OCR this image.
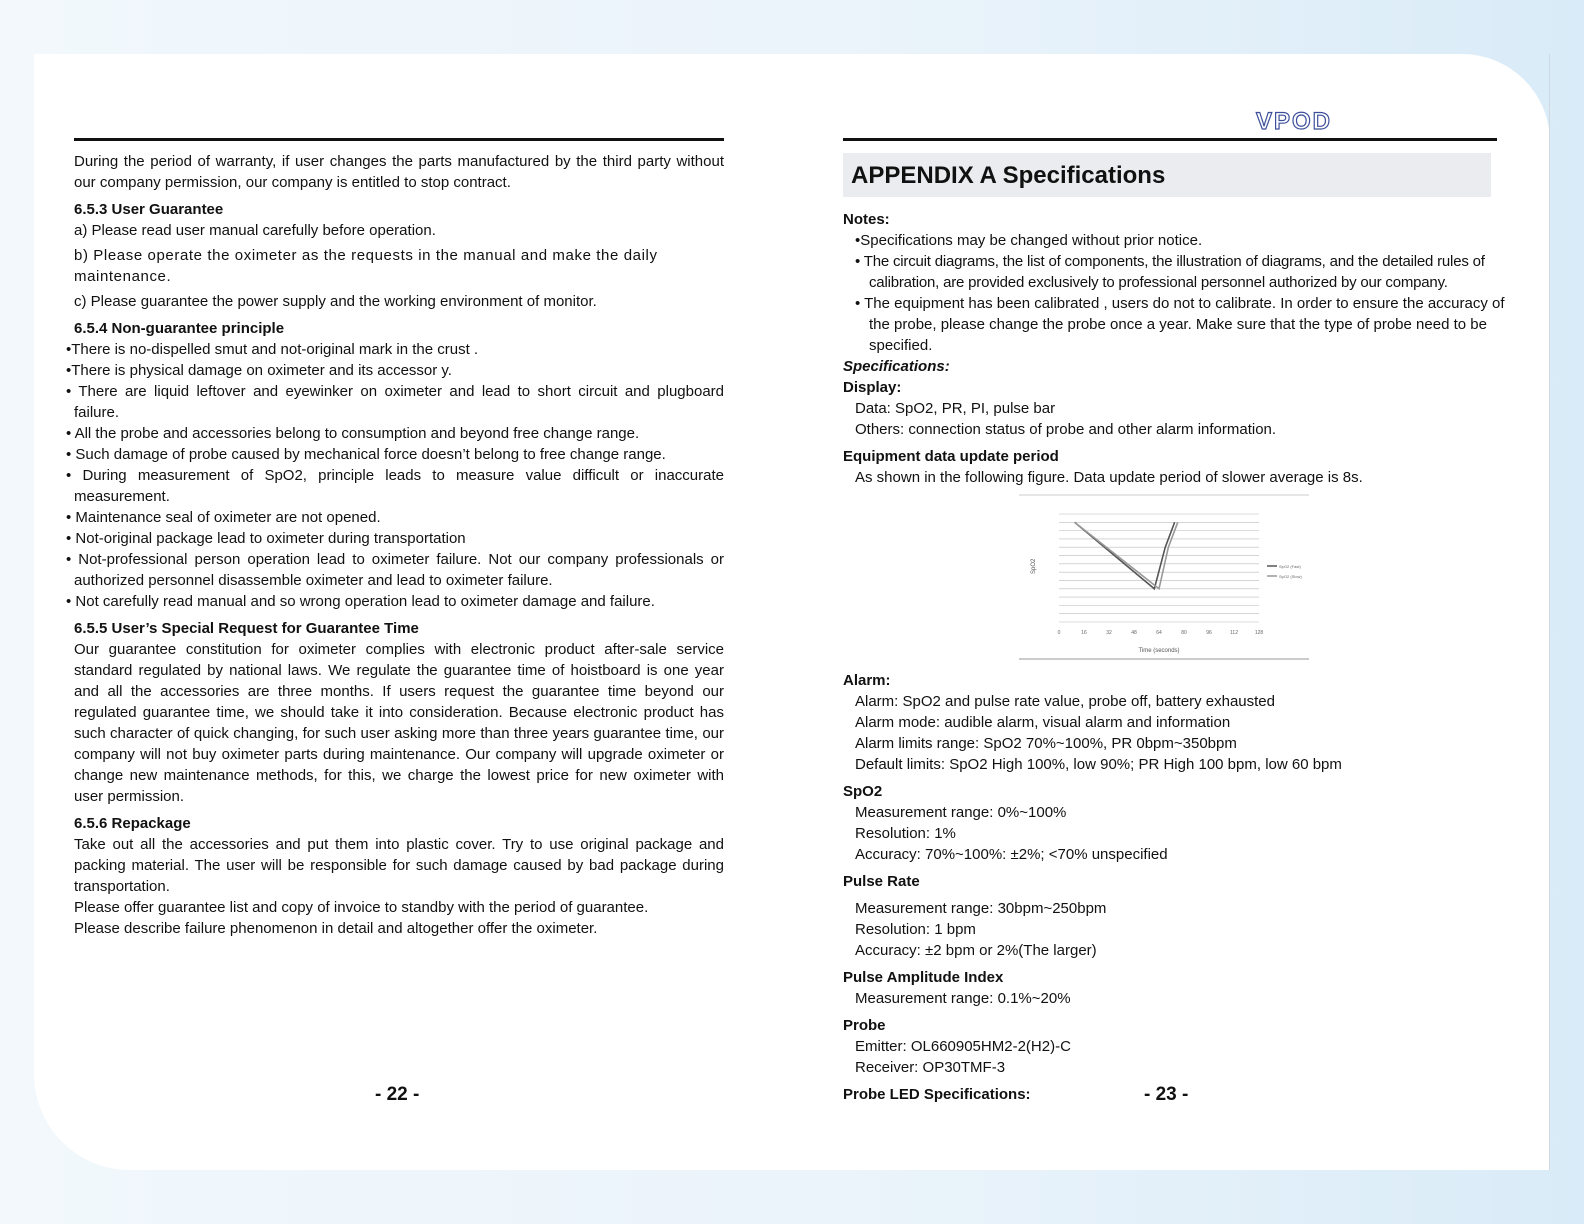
VPOD

During the period of warranty, if user changes the parts manufactured by the third party without our company permission, our company is entitled to stop contract.

6.5.3 User Guarantee

a) Please read user manual carefully before operation.

b) Please operate the oximeter as the requests in the manual and make the daily maintenance.

c) Please guarantee the power supply and the working environment of monitor.

6.5.4 Non-guarantee principle

•There is no-dispelled smut and not-original mark in the crust .

•There is physical damage on oximeter and its accessor y.

• There are liquid leftover and eyewinker on oximeter and lead to short circuit and plugboard failure.

• All the probe and accessories belong to consumption and beyond free change range.

• Such damage of probe caused by mechanical force doesn’t belong to free change range.

• During measurement of SpO2, principle leads to measure value difficult or inaccurate measurement.

• Maintenance seal of oximeter are not opened.

• Not-original package lead to oximeter during transportation

• Not-professional person operation lead to oximeter failure. Not our company professionals or authorized personnel disassemble oximeter and lead to oximeter failure.

• Not carefully read manual and so wrong operation lead to oximeter damage and failure.

6.5.5 User’s Special Request for Guarantee Time

Our guarantee constitution for oximeter complies with electronic product after-sale service standard regulated by national laws. We regulate the guarantee time of hoistboard is one year and all the accessories are three months. If users request the guarantee time beyond our regulated guarantee time, we should take it into consideration. Because electronic product has such character of quick changing, for such user asking more than three years guarantee time, our company will not buy oximeter parts during maintenance. Our company will upgrade oximeter or change new maintenance methods, for this, we charge the lowest price for new oximeter with user permission.

6.5.6 Repackage

Take out all the accessories and put them into plastic cover. Try to use original package and packing material. The user will be responsible for such damage caused by bad package during transportation.

Please offer guarantee list and copy of invoice to standby with the period of guarantee.

Please describe failure phenomenon in detail and altogether offer the oximeter.

- 22 -
APPENDIX A Specifications
Notes:

•Specifications may be changed without prior notice.

• The circuit diagrams, the list of components, the illustration of diagrams, and the detailed rules of calibration, are provided exclusively to professional personnel authorized by our company.

• The equipment has been calibrated , users do not to calibrate. In order to ensure the accuracy of the probe, please change the probe once a year. Make sure that the type of probe need to be specified.

Specifications:

Display:

Data: SpO2, PR, PI, pulse bar

Others: connection status of probe and other alarm information.

Equipment data update period

As shown in the following figure. Data update period of slower average is 8s.

0	16	32	48	64	80	96	112	128
SpO2 (Fast)
SpO2 (Slow)
Time (seconds)
SpO2
Alarm:

Alarm: SpO2 and pulse rate value, probe off, battery exhausted

Alarm mode: audible alarm, visual alarm and information

Alarm limits range: SpO2 70%~100%, PR 0bpm~350bpm

Default limits: SpO2 High 100%, low 90%; PR High 100 bpm, low 60 bpm

SpO2

Measurement range: 0%~100%

Resolution: 1%

Accuracy: 70%~100%: ±2%; <70% unspecified

Pulse Rate

Measurement range: 30bpm~250bpm

Resolution: 1 bpm

Accuracy: ±2 bpm or 2%(The larger)

Pulse Amplitude Index

Measurement range: 0.1%~20%

Probe

Emitter: OL660905HM2-2(H2)-C

Receiver: OP30TMF-3

Probe LED Specifications:	- 23 -
